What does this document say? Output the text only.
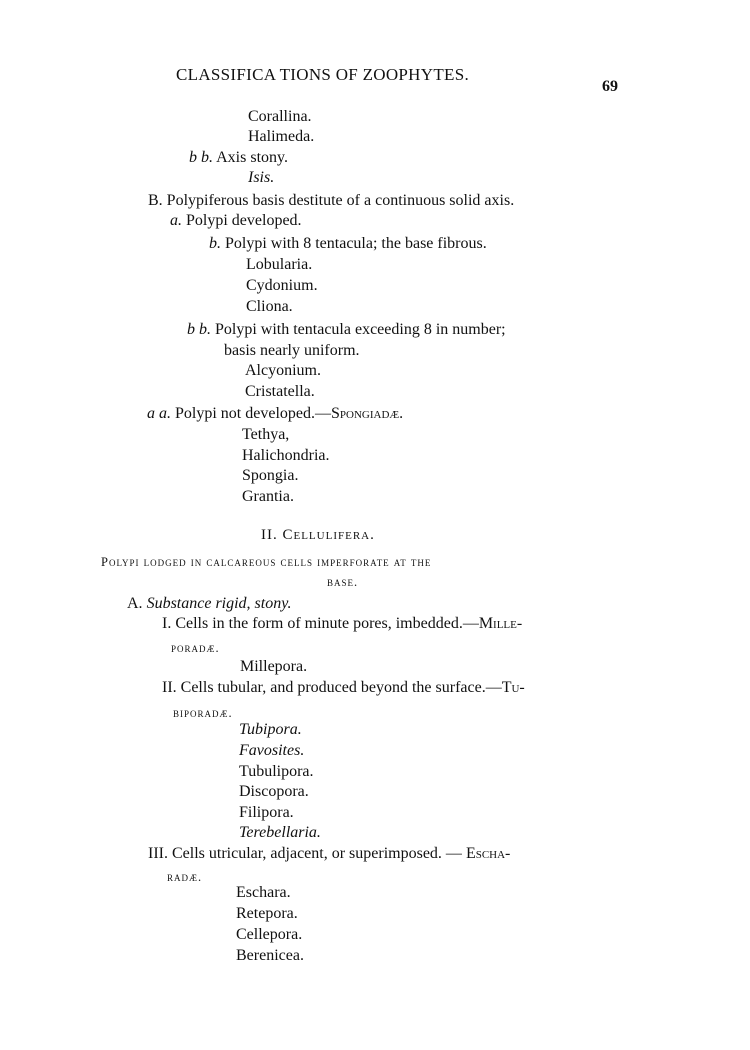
CLASSIFICA TIONS OF ZOOPHYTES.
69
Corallina.
Halimeda.
b b. Axis stony.
Isis.
B. Polypiferous basis destitute of a continuous solid axis.
a. Polypi developed.
b. Polypi with 8 tentacula; the base fibrous.
Lobularia.
Cydonium.
Cliona.
b b. Polypi with tentacula exceeding 8 in number;
basis nearly uniform.
Alcyonium.
Cristatella.
a a. Polypi not developed.—Spongiadæ.
Tethya,
Halichondria.
Spongia.
Grantia.
II. Cellulifera.
Polypi lodged in calcareous cells imperforate at the
base.
A. Substance rigid, stony.
I. Cells in the form of minute pores, imbedded.—Mille-
poradæ.
Millepora.
II. Cells tubular, and produced beyond the surface.—Tu-
biporadæ.
Tubipora.
Favosites.
Tubulipora.
Discopora.
Filipora.
Terebellaria.
III. Cells utricular, adjacent, or superimposed. — Escha-
radæ.
Eschara.
Retepora.
Cellepora.
Berenicea.
